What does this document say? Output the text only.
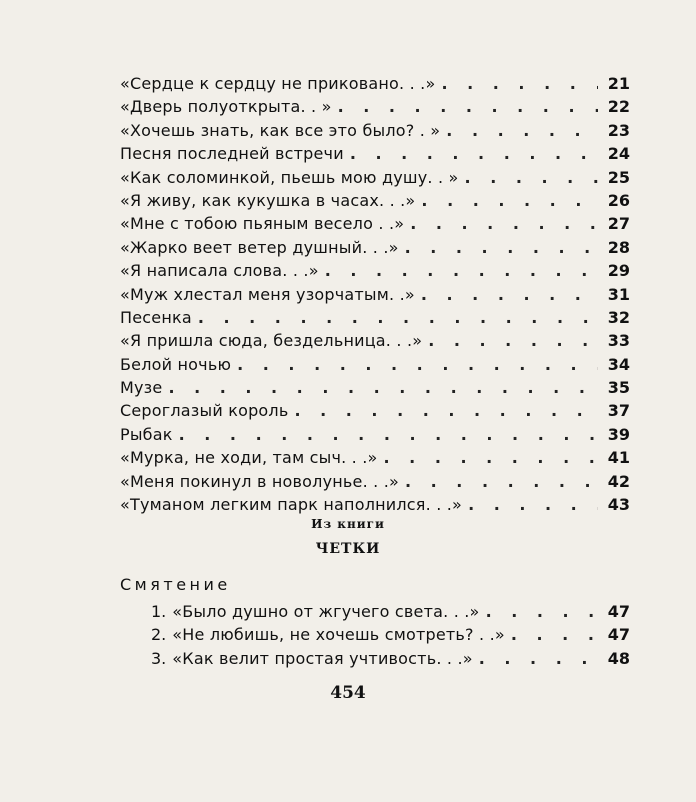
«Сердце к сердцу не приковано. . .» . . .	21
«Дверь полуоткрыта. . » . . .	22
«Хочешь знать, как все это было? . » . . .	23
Песня последней встречи . . .	24
«Как соломинкой, пьешь мою душу. . » . . .	25
«Я живу, как кукушка в часах. . .» . . .	26
«Мне с тобою пьяным весело . .» . . .	27
«Жарко веет ветер душный. . .» . . .	28
«Я написала слова. . .» . . .	29
«Муж хлестал меня узорчатым. .» . . .	31
Песенка . . .	32
«Я пришла сюда, бездельница. . .» . . .	33
Белой ночью . . .	34
Музе . . .	35
Сероглазый король . . .	37
Рыбак . . .	39
«Мурка, не ходи, там сыч. . .» . . .	41
«Меня покинул в новолунье. . .» . . .	42
«Туманом легким парк наполнился. . .» . . .	43
Из книги
ЧЕТКИ
Смятение
1. «Было душно от жгучего света. . .» . . .	47
2. «Не любишь, не хочешь смотреть? . .» . . .	47
3. «Как велит простая учтивость. . .» . . .	48
454
